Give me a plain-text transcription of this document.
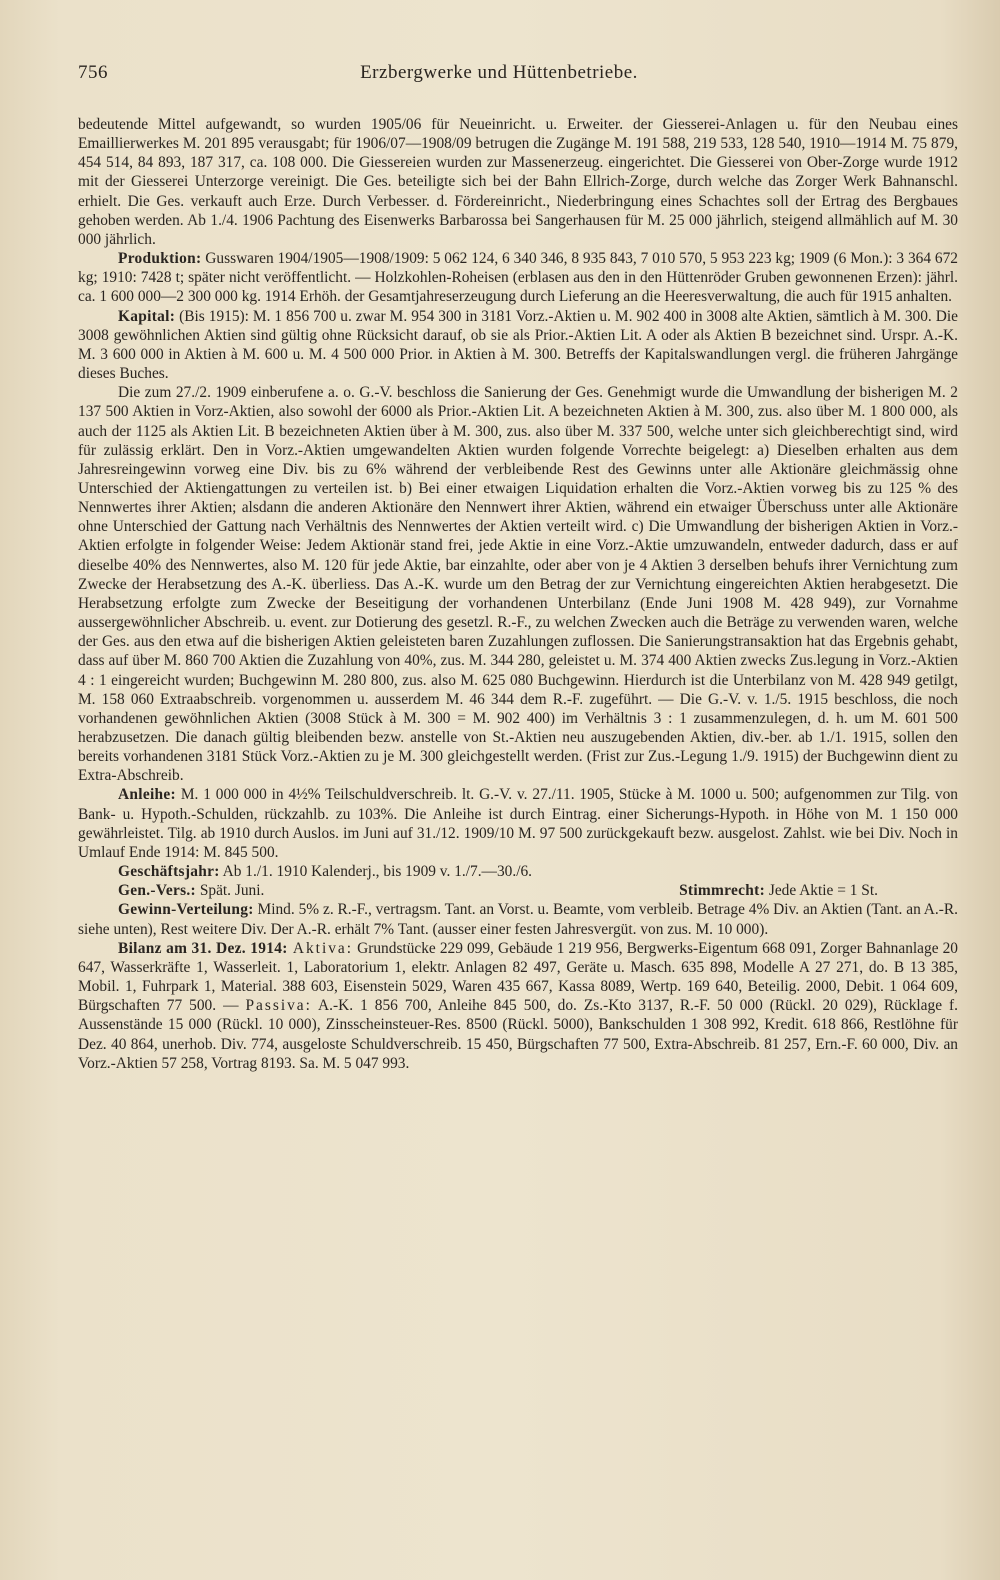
756	Erzbergwerke und Hüttenbetriebe.

bedeutende Mittel aufgewandt, so wurden 1905/06 für Neueinricht. u. Erweiter. der Giesserei-Anlagen u. für den Neubau eines Emaillierwerkes M. 201 895 verausgabt; für 1906/07—1908/09 betrugen die Zugänge M. 191 588, 219 533, 128 540, 1910—1914 M. 75 879, 454 514, 84 893, 187 317, ca. 108 000. Die Giessereien wurden zur Massenerzeug. eingerichtet. Die Giesserei von Ober-Zorge wurde 1912 mit der Giesserei Unterzorge vereinigt. Die Ges. beteiligte sich bei der Bahn Ellrich-Zorge, durch welche das Zorger Werk Bahnanschl. erhielt. Die Ges. verkauft auch Erze. Durch Verbesser. d. Fördereinricht., Niederbringung eines Schachtes soll der Ertrag des Bergbaues gehoben werden. Ab 1./4. 1906 Pachtung des Eisenwerks Barbarossa bei Sangerhausen für M. 25 000 jährlich, steigend allmählich auf M. 30 000 jährlich.

Produktion: Gusswaren 1904/1905—1908/1909: 5 062 124, 6 340 346, 8 935 843, 7 010 570, 5 953 223 kg; 1909 (6 Mon.): 3 364 672 kg; 1910: 7428 t; später nicht veröffentlicht. — Holzkohlen-Roheisen (erblasen aus den in den Hüttenröder Gruben gewonnenen Erzen): jährl. ca. 1 600 000—2 300 000 kg. 1914 Erhöh. der Gesamtjahreserzeugung durch Lieferung an die Heeresverwaltung, die auch für 1915 anhalten.

Kapital: (Bis 1915): M. 1 856 700 u. zwar M. 954 300 in 3181 Vorz.-Aktien u. M. 902 400 in 3008 alte Aktien, sämtlich à M. 300. Die 3008 gewöhnlichen Aktien sind gültig ohne Rücksicht darauf, ob sie als Prior.-Aktien Lit. A oder als Aktien B bezeichnet sind. Urspr. A.-K. M. 3 600 000 in Aktien à M. 600 u. M. 4 500 000 Prior. in Aktien à M. 300. Betreffs der Kapitalswandlungen vergl. die früheren Jahrgänge dieses Buches.

Die zum 27./2. 1909 einberufene a. o. G.-V. beschloss die Sanierung der Ges. Genehmigt wurde die Umwandlung der bisherigen M. 2 137 500 Aktien in Vorz-Aktien, also sowohl der 6000 als Prior.-Aktien Lit. A bezeichneten Aktien à M. 300, zus. also über M. 1 800 000, als auch der 1125 als Aktien Lit. B bezeichneten Aktien über à M. 300, zus. also über M. 337 500, welche unter sich gleichberechtigt sind, wird für zulässig erklärt. Den in Vorz.-Aktien umgewandelten Aktien wurden folgende Vorrechte beigelegt: a) Dieselben erhalten aus dem Jahresreingewinn vorweg eine Div. bis zu 6% während der verbleibende Rest des Gewinns unter alle Aktionäre gleichmässig ohne Unterschied der Aktiengattungen zu verteilen ist. b) Bei einer etwaigen Liquidation erhalten die Vorz.-Aktien vorweg bis zu 125 % des Nennwertes ihrer Aktien; alsdann die anderen Aktionäre den Nennwert ihrer Aktien, während ein etwaiger Überschuss unter alle Aktionäre ohne Unterschied der Gattung nach Verhältnis des Nennwertes der Aktien verteilt wird. c) Die Umwandlung der bisherigen Aktien in Vorz.-Aktien erfolgte in folgender Weise: Jedem Aktionär stand frei, jede Aktie in eine Vorz.-Aktie umzuwandeln, entweder dadurch, dass er auf dieselbe 40% des Nennwertes, also M. 120 für jede Aktie, bar einzahlte, oder aber von je 4 Aktien 3 derselben behufs ihrer Vernichtung zum Zwecke der Herabsetzung des A.-K. überliess. Das A.-K. wurde um den Betrag der zur Vernichtung eingereichten Aktien herabgesetzt. Die Herabsetzung erfolgte zum Zwecke der Beseitigung der vorhandenen Unterbilanz (Ende Juni 1908 M. 428 949), zur Vornahme aussergewöhnlicher Abschreib. u. event. zur Dotierung des gesetzl. R.-F., zu welchen Zwecken auch die Beträge zu verwenden waren, welche der Ges. aus den etwa auf die bisherigen Aktien geleisteten baren Zuzahlungen zuflossen. Die Sanierungstransaktion hat das Ergebnis gehabt, dass auf über M. 860 700 Aktien die Zuzahlung von 40%, zus. M. 344 280, geleistet u. M. 374 400 Aktien zwecks Zus.legung in Vorz.-Aktien 4 : 1 eingereicht wurden; Buchgewinn M. 280 800, zus. also M. 625 080 Buchgewinn. Hierdurch ist die Unterbilanz von M. 428 949 getilgt, M. 158 060 Extraabschreib. vorgenommen u. ausserdem M. 46 344 dem R.-F. zugeführt. — Die G.-V. v. 1./5. 1915 beschloss, die noch vorhandenen gewöhnlichen Aktien (3008 Stück à M. 300 = M. 902 400) im Verhältnis 3 : 1 zusammenzulegen, d. h. um M. 601 500 herabzusetzen. Die danach gültig bleibenden bezw. anstelle von St.-Aktien neu auszugebenden Aktien, div.-ber. ab 1./1. 1915, sollen den bereits vorhandenen 3181 Stück Vorz.-Aktien zu je M. 300 gleichgestellt werden. (Frist zur Zus.-Legung 1./9. 1915) der Buchgewinn dient zu Extra-Abschreib.

Anleihe: M. 1 000 000 in 4½% Teilschuldverschreib. lt. G.-V. v. 27./11. 1905, Stücke à M. 1000 u. 500; aufgenommen zur Tilg. von Bank- u. Hypoth.-Schulden, rückzahlb. zu 103%. Die Anleihe ist durch Eintrag. einer Sicherungs-Hypoth. in Höhe von M. 1 150 000 gewährleistet. Tilg. ab 1910 durch Auslos. im Juni auf 31./12. 1909/10 M. 97 500 zurückgekauft bezw. ausgelost. Zahlst. wie bei Div. Noch in Umlauf Ende 1914: M. 845 500.

Geschäftsjahr: Ab 1./1. 1910 Kalenderj., bis 1909 v. 1./7.—30./6.

Gen.-Vers.: Spät. Juni.	Stimmrecht: Jede Aktie = 1 St.

Gewinn-Verteilung: Mind. 5% z. R.-F., vertragsm. Tant. an Vorst. u. Beamte, vom verbleib. Betrage 4% Div. an Aktien (Tant. an A.-R. siehe unten), Rest weitere Div. Der A.-R. erhält 7% Tant. (ausser einer festen Jahresvergüt. von zus. M. 10 000).

Bilanz am 31. Dez. 1914: Aktiva: Grundstücke 229 099, Gebäude 1 219 956, Bergwerks-Eigentum 668 091, Zorger Bahnanlage 20 647, Wasserkräfte 1, Wasserleit. 1, Laboratorium 1, elektr. Anlagen 82 497, Geräte u. Masch. 635 898, Modelle A 27 271, do. B 13 385, Mobil. 1, Fuhrpark 1, Material. 388 603, Eisenstein 5029, Waren 435 667, Kassa 8089, Wertp. 169 640, Beteilig. 2000, Debit. 1 064 609, Bürgschaften 77 500. — Passiva: A.-K. 1 856 700, Anleihe 845 500, do. Zs.-Kto 3137, R.-F. 50 000 (Rückl. 20 029), Rücklage f. Aussenstände 15 000 (Rückl. 10 000), Zinsscheinsteuer-Res. 8500 (Rückl. 5000), Bankschulden 1 308 992, Kredit. 618 866, Restlöhne für Dez. 40 864, unerhob. Div. 774, ausgeloste Schuldverschreib. 15 450, Bürgschaften 77 500, Extra-Abschreib. 81 257, Ern.-F. 60 000, Div. an Vorz.-Aktien 57 258, Vortrag 8193. Sa. M. 5 047 993.
